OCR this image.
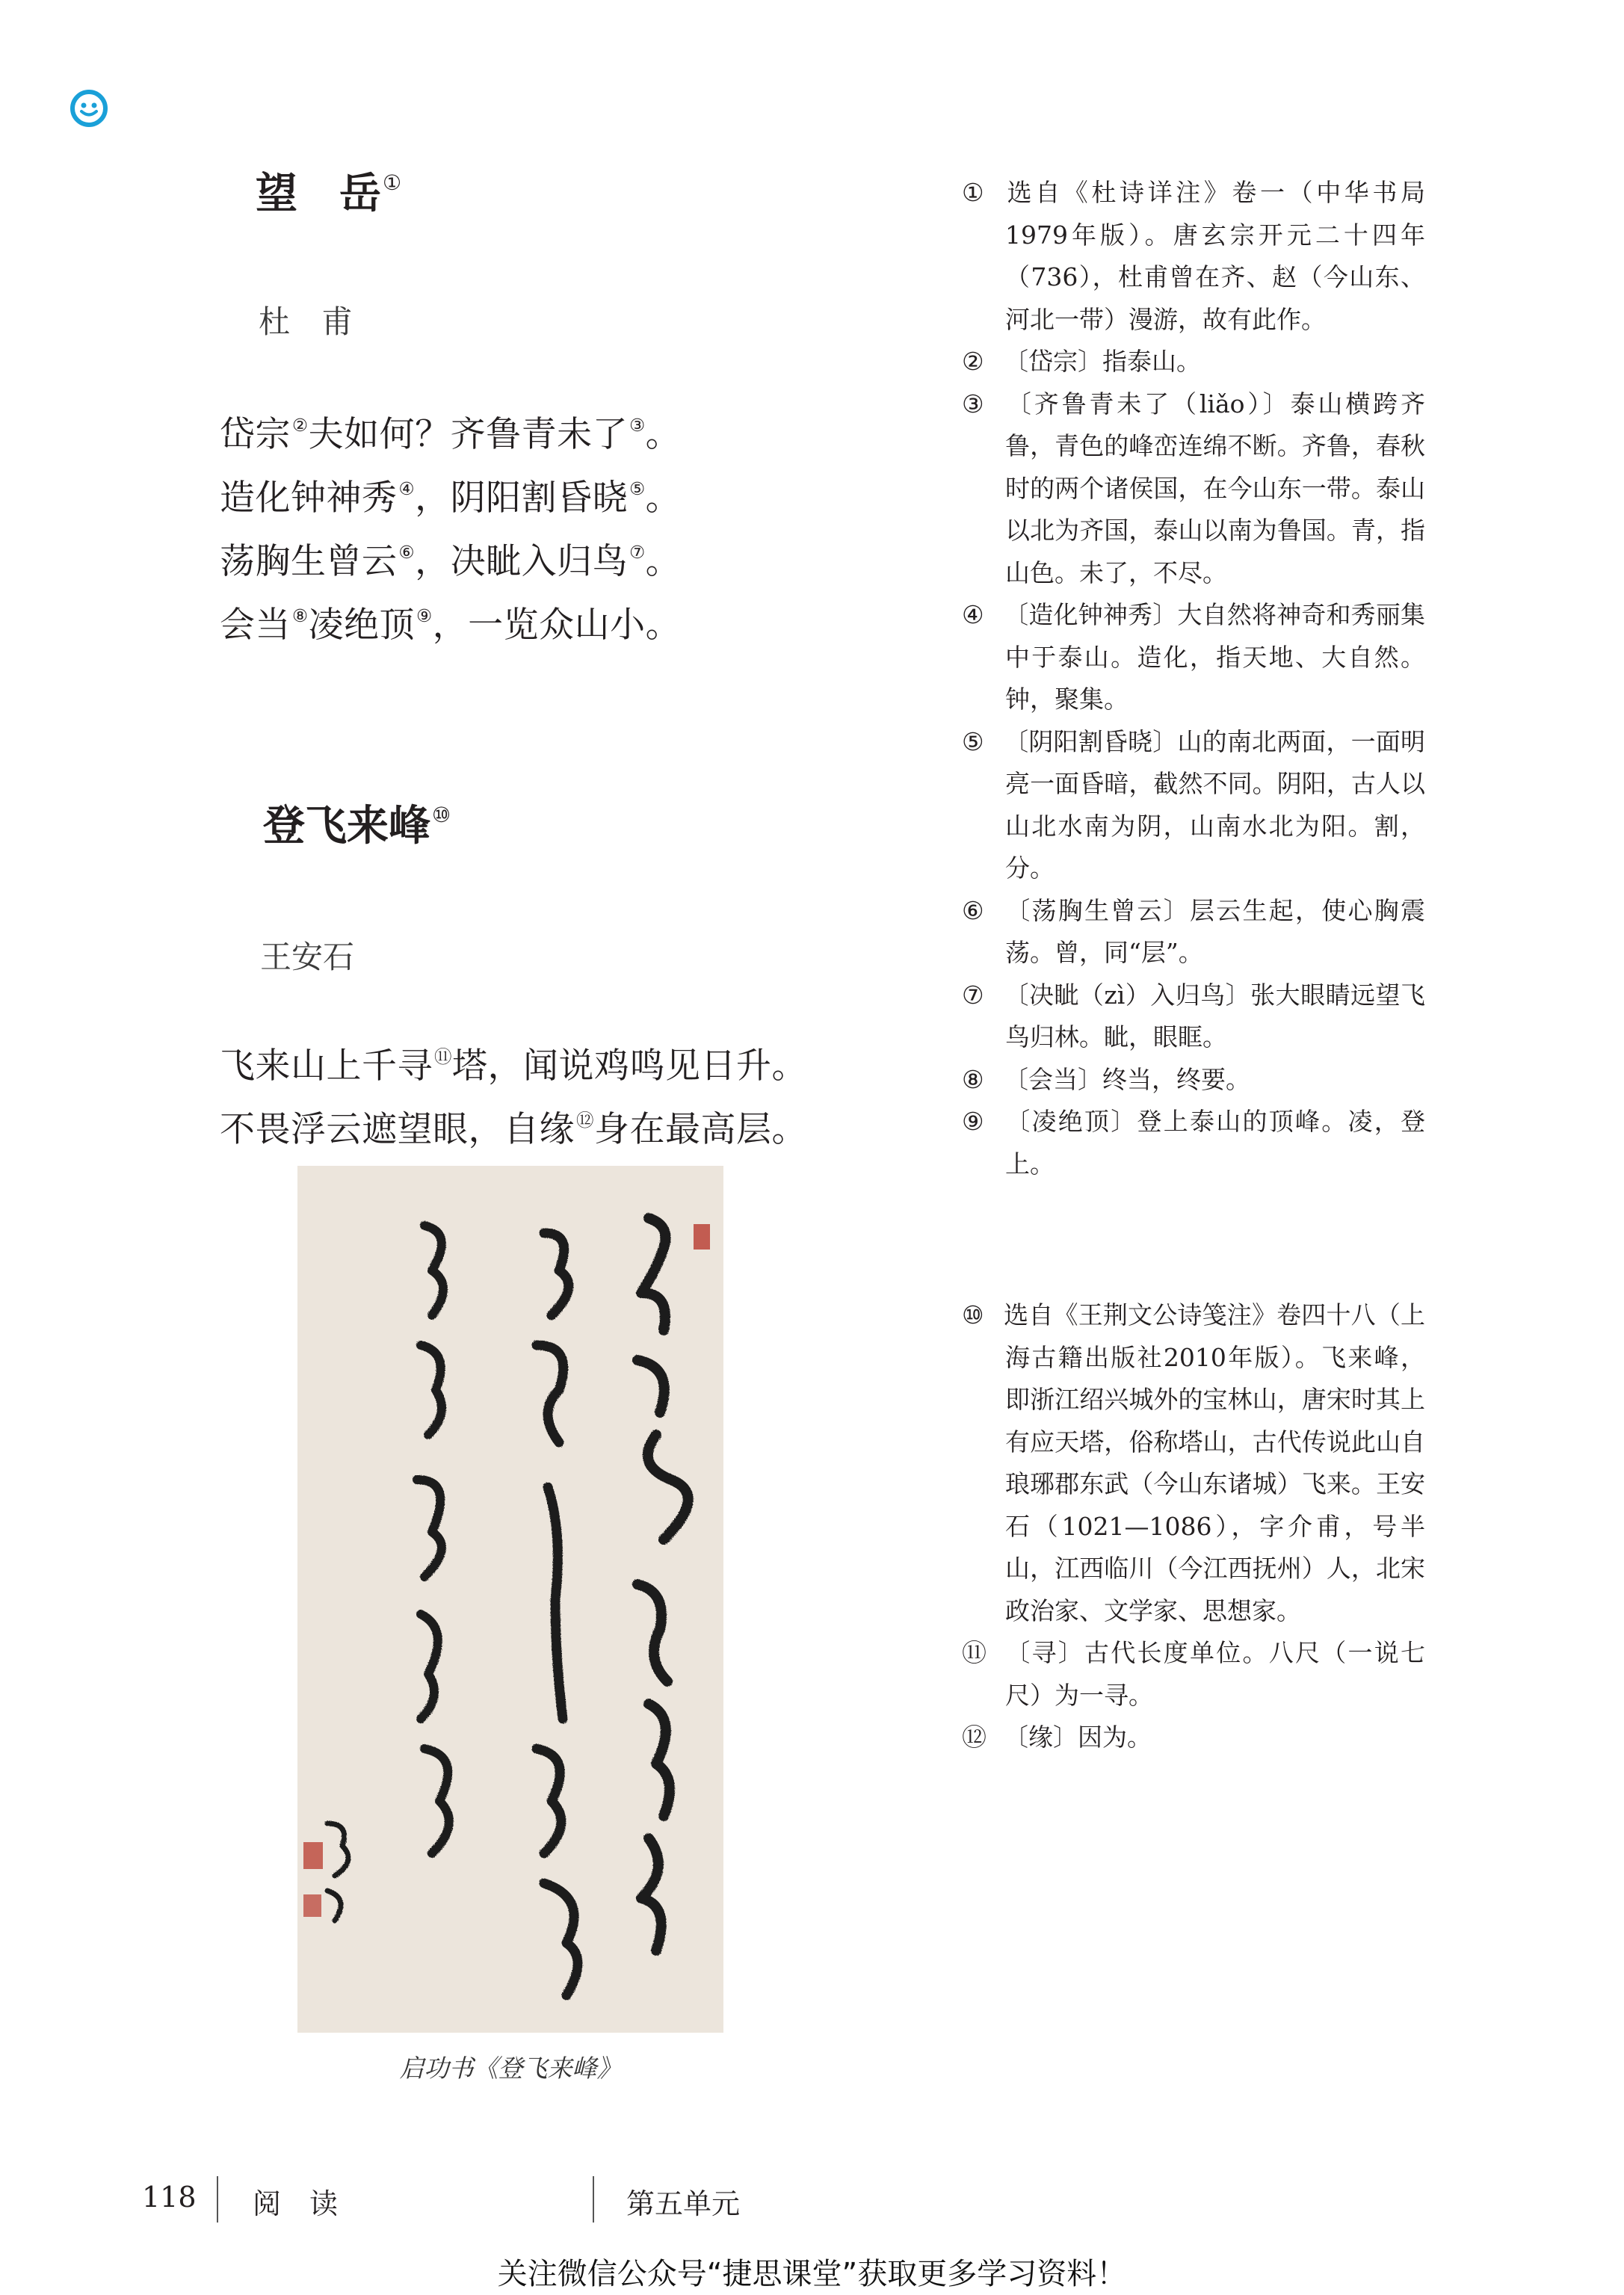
望　岳①
杜　甫
岱宗②夫如何？齐鲁青未了③。
造化钟神秀④，阴阳割昏晓⑤。
荡胸生曾云⑥，决眦入归鸟⑦。
会当⑧凌绝顶⑨，一览众山小。
登飞来峰⑩
王安石
飞来山上千寻⑪塔，闻说鸡鸣见日升。
不畏浮云遮望眼，自缘⑫身在最高层。
启功书《登飞来峰》
① 选自《杜诗详注》卷一（中华书局1979年版）。唐玄宗开元二十四年（736），杜甫曾在齐、赵（今山东、河北一带）漫游，故有此作。
② 〔岱宗〕指泰山。
③ 〔齐鲁青未了（liǎo）〕泰山横跨齐鲁，青色的峰峦连绵不断。齐鲁，春秋时的两个诸侯国，在今山东一带。泰山以北为齐国，泰山以南为鲁国。青，指山色。未了，不尽。
④ 〔造化钟神秀〕大自然将神奇和秀丽集中于泰山。造化，指天地、大自然。钟，聚集。
⑤ 〔阴阳割昏晓〕山的南北两面，一面明亮一面昏暗，截然不同。阴阳，古人以山北水南为阴，山南水北为阳。割，分。
⑥ 〔荡胸生曾云〕层云生起，使心胸震荡。曾，同“层”。
⑦ 〔决眦（zì）入归鸟〕张大眼睛远望飞鸟归林。眦，眼眶。
⑧ 〔会当〕终当，终要。
⑨ 〔凌绝顶〕登上泰山的顶峰。凌，登上。
⑩ 选自《王荆文公诗笺注》卷四十八（上海古籍出版社2010年版）。飞来峰，即浙江绍兴城外的宝林山，唐宋时其上有应天塔，俗称塔山，古代传说此山自琅琊郡东武（今山东诸城）飞来。王安石（1021—1086），字介甫，号半山，江西临川（今江西抚州）人，北宋政治家、文学家、思想家。
⑪ 〔寻〕古代长度单位。八尺（一说七尺）为一寻。
⑫ 〔缘〕因为。
118 阅　读	第五单元
关注微信公众号“捷思课堂”获取更多学习资料！
